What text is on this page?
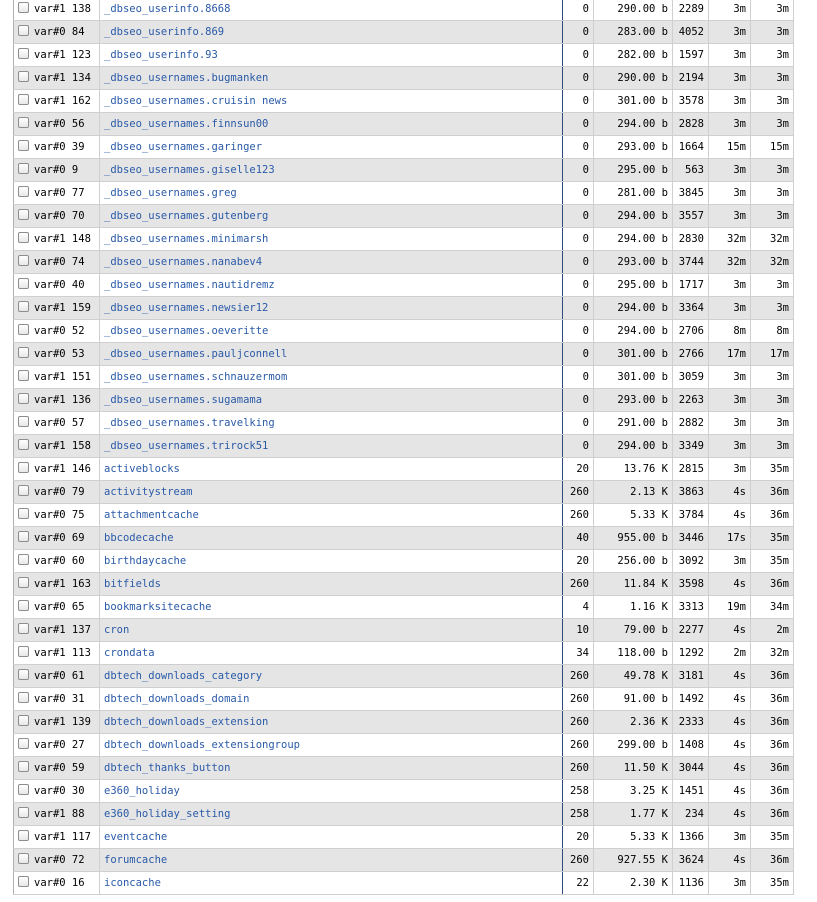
var#1 138	_dbseo_userinfo.8668	0	290.00 b	2289	3m	3m
var#0 84	_dbseo_userinfo.869	0	283.00 b	4052	3m	3m
var#1 123	_dbseo_userinfo.93	0	282.00 b	1597	3m	3m
var#1 134	_dbseo_usernames.bugmanken	0	290.00 b	2194	3m	3m
var#1 162	_dbseo_usernames.cruisin news	0	301.00 b	3578	3m	3m
var#0 56	_dbseo_usernames.finnsun00	0	294.00 b	2828	3m	3m
var#0 39	_dbseo_usernames.garinger	0	293.00 b	1664	15m	15m
var#0 9	_dbseo_usernames.giselle123	0	295.00 b	563	3m	3m
var#0 77	_dbseo_usernames.greg	0	281.00 b	3845	3m	3m
var#0 70	_dbseo_usernames.gutenberg	0	294.00 b	3557	3m	3m
var#1 148	_dbseo_usernames.minimarsh	0	294.00 b	2830	32m	32m
var#0 74	_dbseo_usernames.nanabev4	0	293.00 b	3744	32m	32m
var#0 40	_dbseo_usernames.nautidremz	0	295.00 b	1717	3m	3m
var#1 159	_dbseo_usernames.newsier12	0	294.00 b	3364	3m	3m
var#0 52	_dbseo_usernames.oeveritte	0	294.00 b	2706	8m	8m
var#0 53	_dbseo_usernames.pauljconnell	0	301.00 b	2766	17m	17m
var#1 151	_dbseo_usernames.schnauzermom	0	301.00 b	3059	3m	3m
var#1 136	_dbseo_usernames.sugamama	0	293.00 b	2263	3m	3m
var#0 57	_dbseo_usernames.travelking	0	291.00 b	2882	3m	3m
var#1 158	_dbseo_usernames.trirock51	0	294.00 b	3349	3m	3m
var#1 146	activeblocks	20	13.76 K	2815	3m	35m
var#0 79	activitystream	260	2.13 K	3863	4s	36m
var#0 75	attachmentcache	260	5.33 K	3784	4s	36m
var#0 69	bbcodecache	40	955.00 b	3446	17s	35m
var#0 60	birthdaycache	20	256.00 b	3092	3m	35m
var#1 163	bitfields	260	11.84 K	3598	4s	36m
var#0 65	bookmarksitecache	4	1.16 K	3313	19m	34m
var#1 137	cron	10	79.00 b	2277	4s	2m
var#1 113	crondata	34	118.00 b	1292	2m	32m
var#0 61	dbtech_downloads_category	260	49.78 K	3181	4s	36m
var#0 31	dbtech_downloads_domain	260	91.00 b	1492	4s	36m
var#1 139	dbtech_downloads_extension	260	2.36 K	2333	4s	36m
var#0 27	dbtech_downloads_extensiongroup	260	299.00 b	1408	4s	36m
var#0 59	dbtech_thanks_button	260	11.50 K	3044	4s	36m
var#0 30	e360_holiday	258	3.25 K	1451	4s	36m
var#1 88	e360_holiday_setting	258	1.77 K	234	4s	36m
var#1 117	eventcache	20	5.33 K	1366	3m	35m
var#0 72	forumcache	260	927.55 K	3624	4s	36m
var#0 16	iconcache	22	2.30 K	1136	3m	35m
